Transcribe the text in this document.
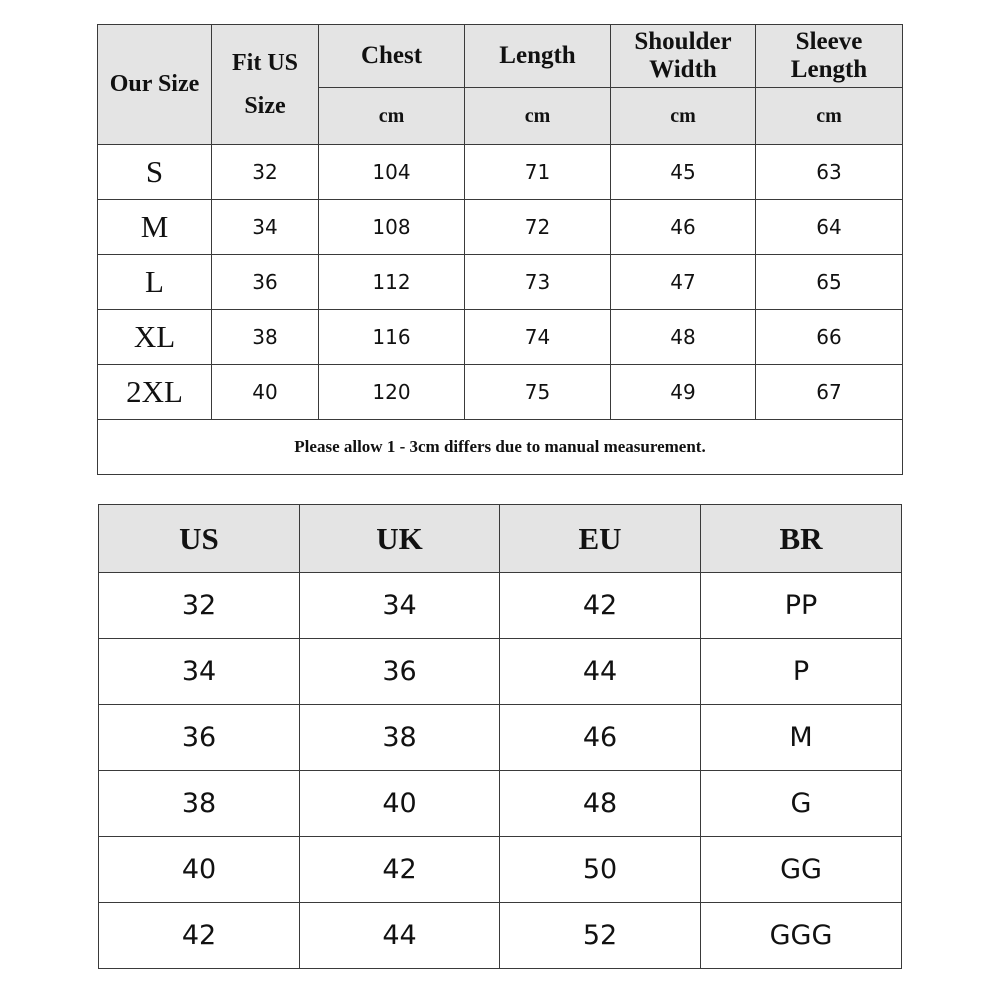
Our Size	Fit US Size	Chest	Length	Shoulder Width	Sleeve Length
		cm	cm	cm	cm
S	32	104	71	45	63
M	34	108	72	46	64
L	36	112	73	47	65
XL	38	116	74	48	66
2XL	40	120	75	49	67
Please allow 1 - 3cm differs due to manual measurement.					
US	UK	EU	BR
32	34	42	PP
34	36	44	P
36	38	46	M
38	40	48	G
40	42	50	GG
42	44	52	GGG
